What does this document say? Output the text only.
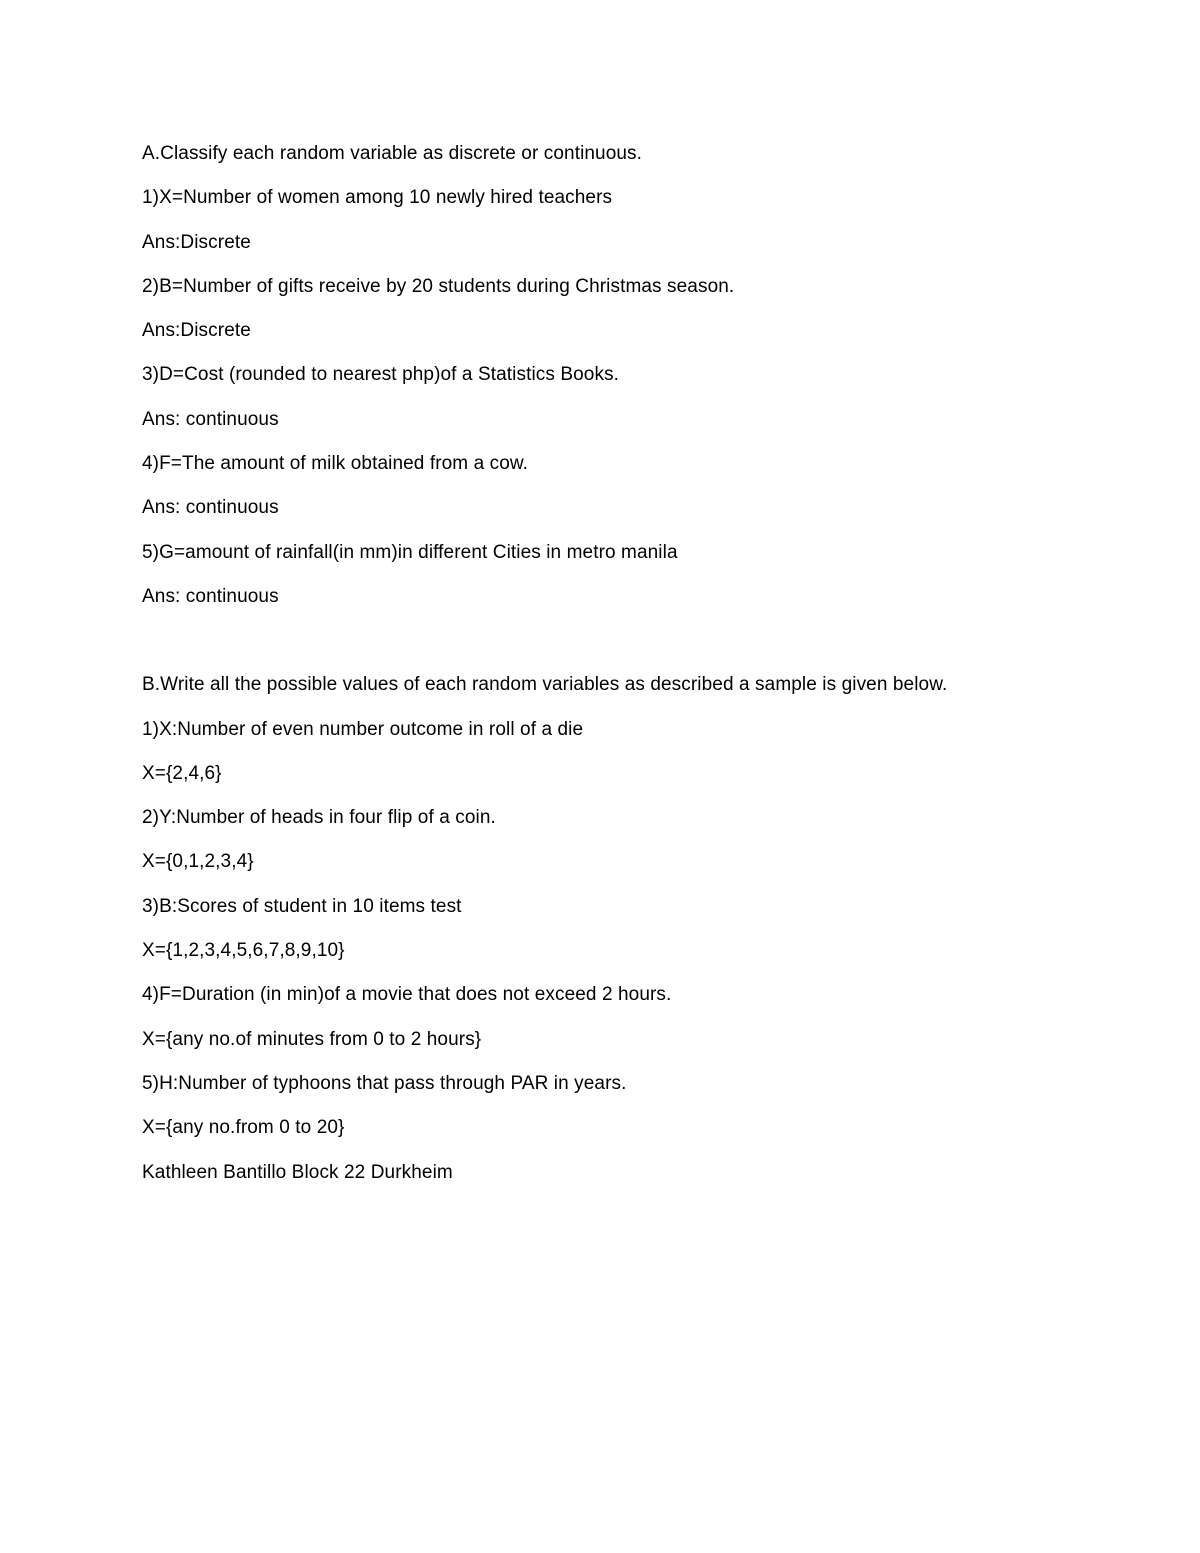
A.Classify each random variable as discrete or continuous.
1)X=Number of women among 10 newly hired teachers
Ans:Discrete
2)B=Number of gifts receive by 20 students during Christmas season.
Ans:Discrete
3)D=Cost (rounded to nearest php)of a Statistics Books.
Ans: continuous
4)F=The amount of milk obtained from a cow.
Ans: continuous
5)G=amount of rainfall(in mm)in different Cities in metro manila
Ans: continuous
B.Write all the possible values of each random variables as described a sample is given below.
1)X:Number of even number outcome in roll of a die
X={2,4,6}
2)Y:Number of heads in four flip of a coin.
X={0,1,2,3,4}
3)B:Scores of student in 10 items test
X={1,2,3,4,5,6,7,8,9,10}
4)F=Duration (in min)of a movie that does not exceed 2 hours.
X={any no.of minutes from 0 to 2 hours}
5)H:Number of typhoons that pass through PAR in years.
X={any no.from 0 to 20}
Kathleen Bantillo Block 22 Durkheim
